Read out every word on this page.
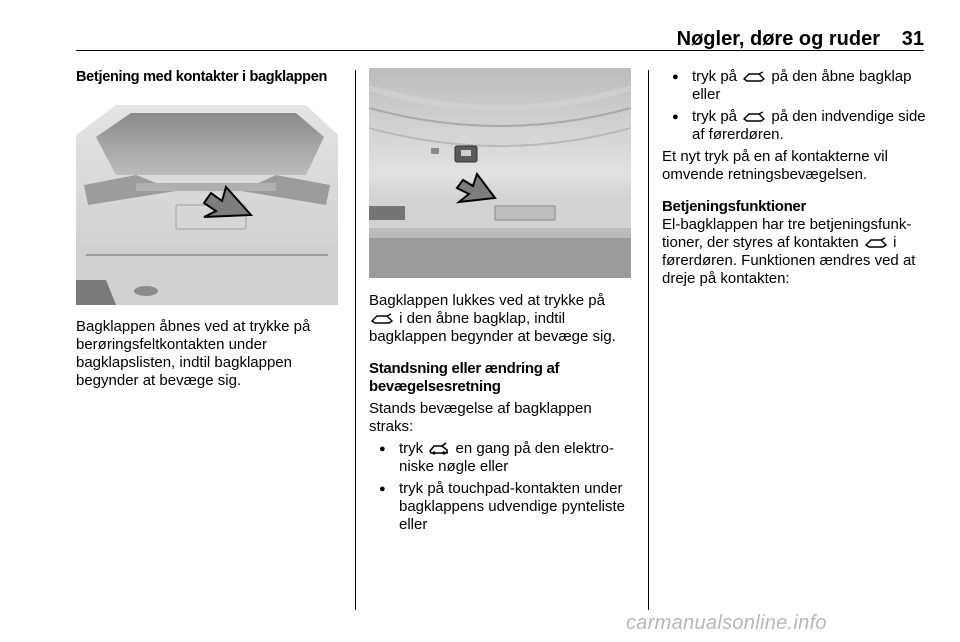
Nøgler, døre og ruder	31

Betjening med kontakter i bagklappen

Bagklappen åbnes ved at trykke på berøringsfeltkontakten under bagklapslisten, indtil bagklappen begynder at bevæge sig.

Bagklappen lukkes ved at trykke på
i den åbne bagklap, indtil bagklappen begynder at bevæge sig.

Standsning eller ændring af bevægelsesretning

Stands bevægelse af bagklappen straks:

● tryk en gang på den elektroniske nøgle eller
● tryk på touchpad-kontakten under bagklappens udvendige pynteliste eller
● tryk på på den åbne bagklap eller
● tryk på på den indvendige side af førerdøren.

Et nyt tryk på en af kontakterne vil omvende retningsbevægelsen.

Betjeningsfunktioner

El-bagklappen har tre betjeningsfunktioner, der styres af kontakten i førerdøren. Funktionen ændres ved at dreje på kontakten:

carmanualsonline.info
